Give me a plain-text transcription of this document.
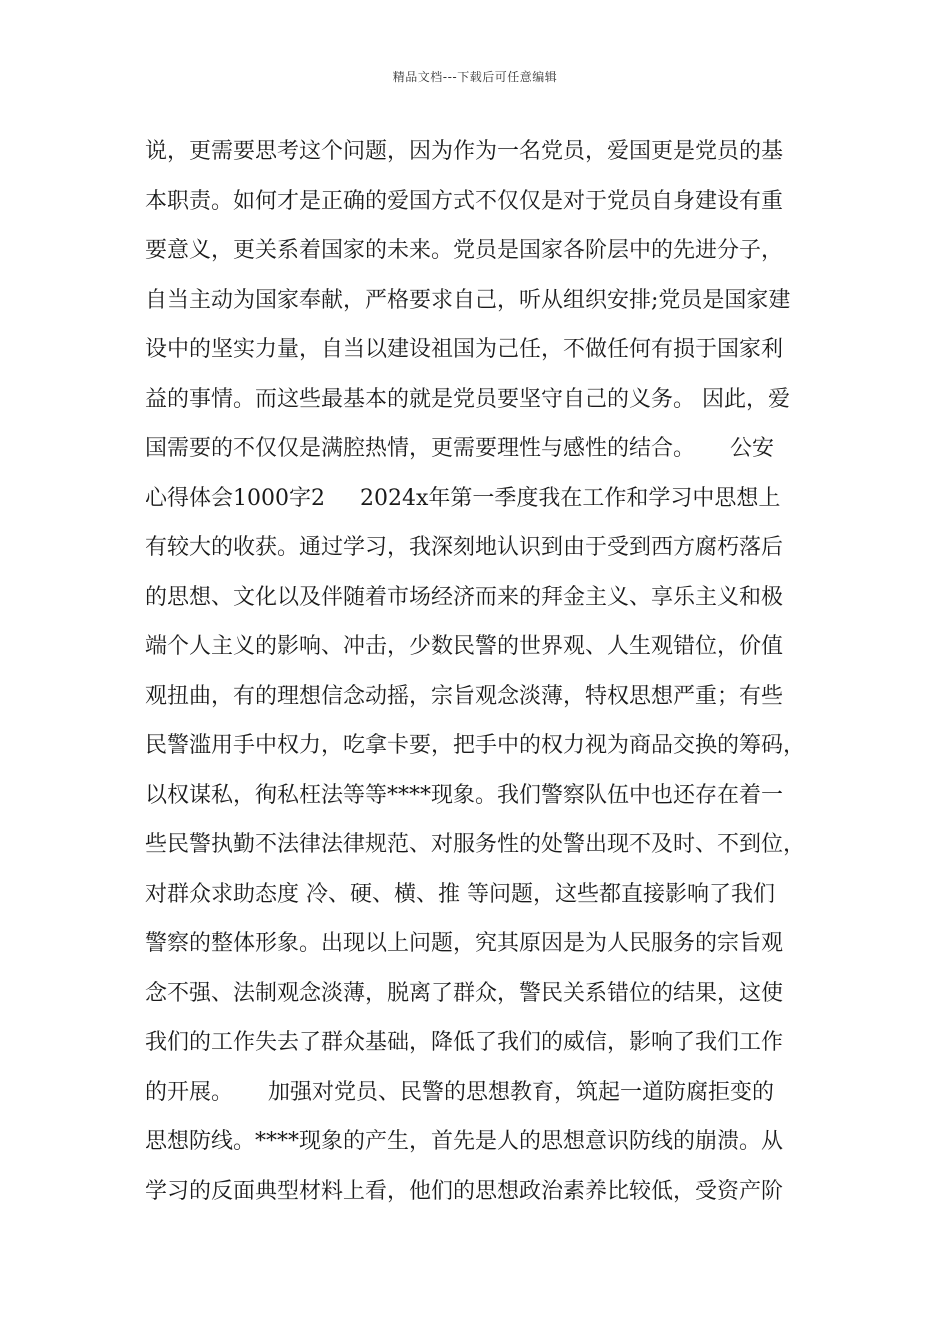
精品文档---下载后可任意编辑
说，更需要思考这个问题，因为作为一名党员，爱国更是党员的基
本职责。如何才是正确的爱国方式不仅仅是对于党员自身建设有重
要意义，更关系着国家的未来。党员是国家各阶层中的先进分子，
自当主动为国家奉献，严格要求自己，听从组织安排;党员是国家建
设中的坚实力量，自当以建设祖国为己任，不做任何有损于国家利
益的事情。而这些最基本的就是党员要坚守自己的义务。 因此，爱
国需要的不仅仅是满腔热情，更需要理性与感性的结合。     公安
心得体会1000字2     2024x年第一季度我在工作和学习中思想上
有较大的收获。通过学习，我深刻地认识到由于受到西方腐朽落后
的思想、文化以及伴随着市场经济而来的拜金主义、享乐主义和极
端个人主义的影响、冲击，少数民警的世界观、人生观错位，价值
观扭曲，有的理想信念动摇，宗旨观念淡薄，特权思想严重；有些
民警滥用手中权力，吃拿卡要，把手中的权力视为商品交换的筹码，
以权谋私，徇私枉法等等****现象。我们警察队伍中也还存在着一
些民警执勤不法律法律规范、对服务性的处警出现不及时、不到位，
对群众求助态度 冷、硬、横、推 等问题，这些都直接影响了我们
警察的整体形象。出现以上问题，究其原因是为人民服务的宗旨观
念不强、法制观念淡薄，脱离了群众，警民关系错位的结果，这使
我们的工作失去了群众基础，降低了我们的威信，影响了我们工作
的开展。     加强对党员、民警的思想教育，筑起一道防腐拒变的
思想防线。****现象的产生，首先是人的思想意识防线的崩溃。从
学习的反面典型材料上看，他们的思想政治素养比较低，受资产阶
